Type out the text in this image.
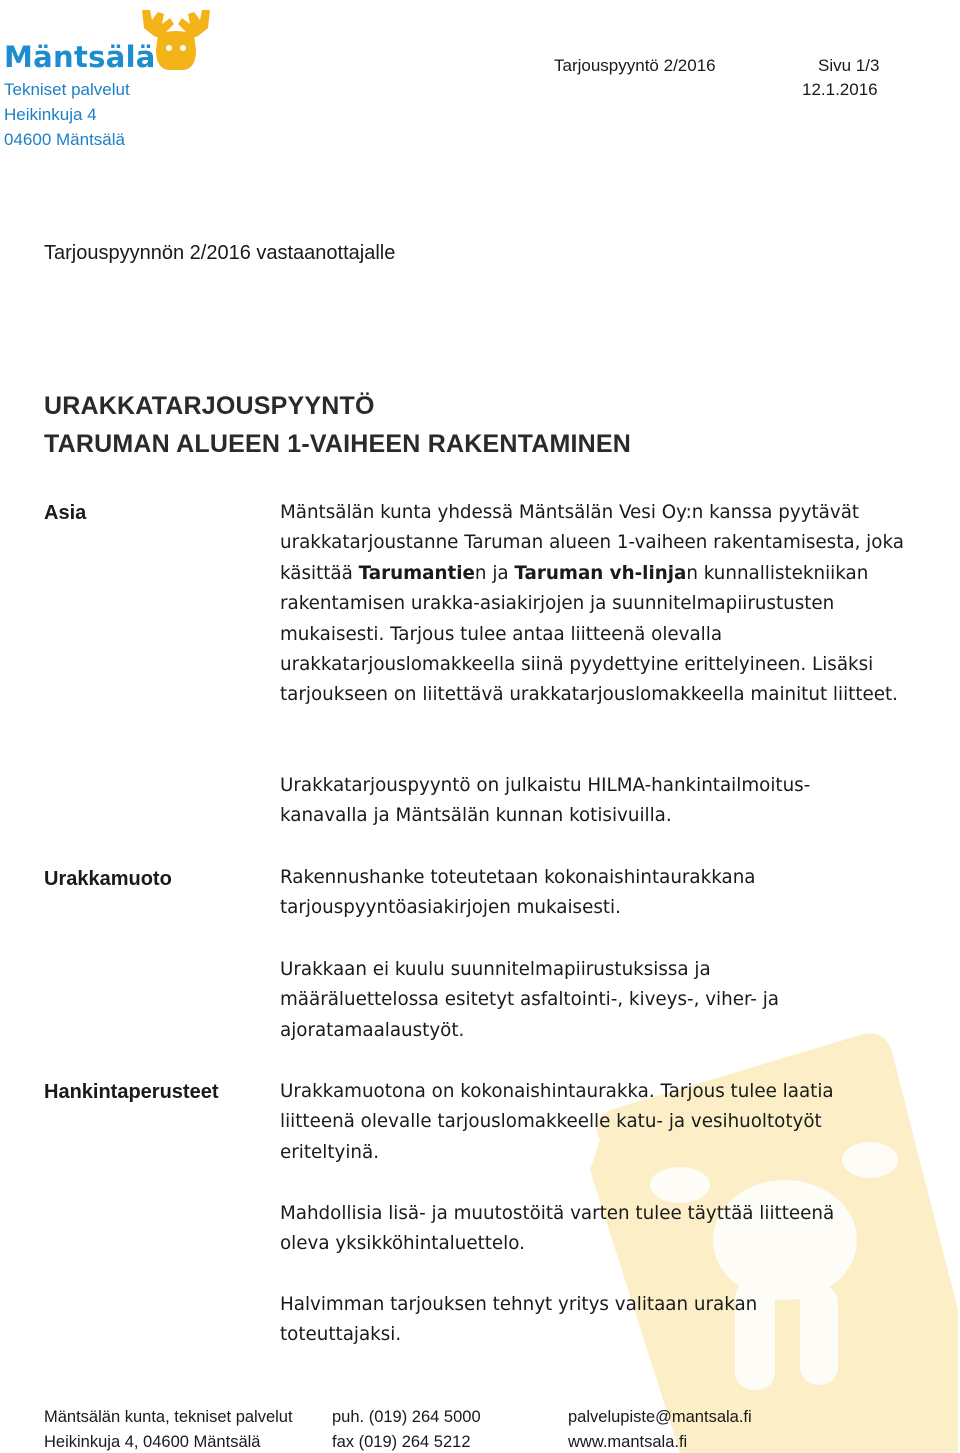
Mäntsälä
Tekniset palvelut
Heikinkuja 4
04600 Mäntsälä
Tarjouspyyntö 2/2016	Sivu 1/3
12.1.2016
Tarjouspyynnön 2/2016 vastaanottajalle
URAKKATARJOUSPYYNTÖ
TARUMAN ALUEEN 1-VAIHEEN RAKENTAMINEN
Asia	Mäntsälän kunta yhdessä Mäntsälän Vesi Oy:n kanssa pyytävät urakkatarjoustanne Taruman alueen 1-vaiheen rakentamisesta, joka käsittää Tarumantien ja Taruman vh-linjan kunnallistekniikan rakentamisen urakka-asiakirjojen ja suunnitelmapiirustusten mukaisesti. Tarjous tulee antaa liitteenä olevalla urakkatarjouslomakkeella siinä pyydettyine erittelyineen. Lisäksi tarjoukseen on liitettävä urakkatarjouslomakkeella mainitut liitteet.

Urakkatarjouspyyntö on julkaistu HILMA-hankintailmoitus-kanavalla ja Mäntsälän kunnan kotisivuilla.

Urakkamuoto	Rakennushanke toteutetaan kokonaishintaurakkana tarjouspyyntöasiakirjojen mukaisesti.

Urakkaan ei kuulu suunnitelmapiirustuksissa ja määräluettelossa esitetyt asfaltointi-, kiveys-, viher- ja ajoratamaalaustyöt.

Hankintaperusteet	Urakkamuotona on kokonaishintaurakka. Tarjous tulee laatia liitteenä olevalle tarjouslomakkeelle katu- ja vesihuoltotyöt eriteltyinä.

Mahdollisia lisä- ja muutostöitä varten tulee täyttää liitteenä oleva yksikköhintaluettelo.

Halvimman tarjouksen tehnyt yritys valitaan urakan toteuttajaksi.

Mäntsälän kunta, tekniset palvelut
Heikinkuja 4, 04600 Mäntsälä
puh. (019) 264 5000
fax (019) 264 5212
palvelupiste@mantsala.fi
www.mantsala.fi
